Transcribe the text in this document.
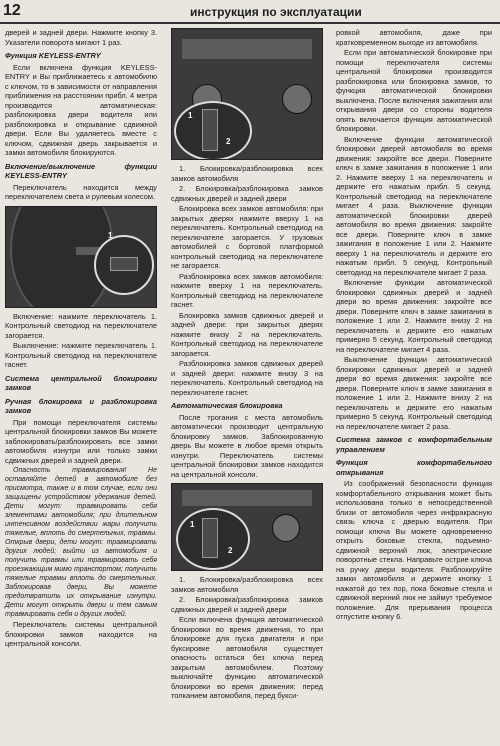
12	инструкция по эксплуатации

дверей и задней двери. Нажмите кнопку 3. Указатели поворота мигают 1 раз.

Функция KEYLESS-ENTRY

Если включена функция KEYLESS-ENTRY и Вы приближаетесь к автомобилю с ключом, то в зависимости от направления приближения на расстоянии прибл. 4 метра производится автоматическая: разблокировка двери водителя или разблокировка и открывание сдвижной двери. Если Вы удаляетесь вместе с ключом, сдвижная дверь закрывается и замки автомобиля блокируются.

Включение/выключение функции KEYLESS-ENTRY

Переключатель находится между переключателем света и рулевым колесом.

1

Включение: нажмите переключатель 1. Контрольный светодиод на переключателе загорается.

Выключение: нажмите переключатель 1. Контрольный светодиод на переключателе гаснет.

Система центральной блокировки замков

Ручная блокировка и разблокировка замков

При помощи переключателя системы центральной блокировки замков Вы можете заблокировать/разблокировать все замки автомобиля изнутри или только замки сдвижных дверей и задней двери.

Опасность травмирования! Не оставляйте детей в автомобиле без присмотра, также и в том случае, если они защищены устройством удержания детей. Дети могут: травмировать себя элементами автомобиля; при длительном интенсивном воздействии жары получить тяжелые, вплоть до смертельных, травмы. Открыв двери, дети могут: травмировать других людей; выйти из автомобиля и получить травмы или травмировать себя проезжающим мимо транспортом; получить тяжелые травмы вплоть до смертельных. Заблокировав двери, Вы можете предотвратить их открывание изнутри. Дети могут открыть двери и тем самым травмировать себя и других людей.

Переключатель системы центральной блокировки замков находится на центральной консоли.

1
2

1. Блокировка/разблокировка всех замков автомобиля

2. Блокировка/разблокировка замков сдвижных дверей и задней двери

Блокировка всех замков автомобиля: при закрытых дверях нажмите вверху 1 на переключатель. Контрольный светодиод на переключателе загорается. У грузовых автомобилей с бортовой платформой контрольный светодиод на переключателе не загорается.

Разблокировка всех замков автомобиля: нажмите вверху 1 на переключатель. Контрольный светодиод на переключателе гаснет.

Блокировка замков сдвижных дверей и задней двери: при закрытых дверях нажмите внизу 2 на переключатель. Контрольный светодиод на переключателе загорается.

Разблокировка замков сдвижных дверей и задней двери: нажмите внизу 3 на переключатель. Контрольный светодиод на переключателе гаснет.

Автоматическая блокировка

После трогания с места автомобиль автоматически производит центральную блокировку замков. Заблокированную дверь Вы можете в любое время открыть изнутри. Переключатель системы центральной блокировки замков находится на центральной консоли.

1
2

1. Блокировка/разблокировка всех замков автомобиля

2. Блокировка/разблокировка замков сдвижных дверей и задней двери

Если включена функция автоматической блокировки во время движения, то при блокировке для пуска двигателя и при буксировке автомобиля существует опасность остаться без ключа перед закрытым автомобилем. Поэтому выключайте функцию автоматической блокировки во время движения: перед толканием автомобиля, перед букси-

ровкой автомобиля, даже при кратковременном выходе из автомобиля.

Если при автоматической блокировке при помощи переключателя системы центральной блокировки производится разблокировка или блокировка замков, то функция автоматической блокировки выключена. После включения зажигания или открывания двери со стороны водителя опять включается функция автоматической блокировки.

Включение функции автоматической блокировки дверей автомобиля во время движения: закройте все двери. Поверните ключ в замке зажигания в положение 1 или 2. Нажмите вверху 1 на переключатель и держите его нажатым прибл. 5 секунд. Контрольный светодиод на переключателе мигает 4 раза. Выключение функции автоматической блокировки дверей автомобиля во время движения: закройте все двери. Поверните ключ в замке зажигания в положение 1 или 2. Нажмите вверху 1 на переключатель и держите его нажатым прибл. 5 секунд. Контрольный светодиод на переключателе мигает 2 раза.

Включение функции автоматической блокировки сдвижных дверей и задней двери во время движения: закройте все двери. Поверните ключ в замке зажигания в положение 1 или 2. Нажмите внизу 2 на переключатель и держите его нажатым примерно 5 секунд. Контрольный светодиод на переключателе мигает 4 раза.

Выключение функции автоматической блокировки сдвижных дверей и задней двери во время движения: закройте все двери. Поверните ключ в замке зажигания в положение 1 или 2. Нажмите внизу 2 на переключатель и держите его нажатым примерно 5 секунд. Контрольный светодиод на переключателе мигает 2 раза.

Система замков с комфортабельным управлением

Функция комфортабельного открывания

Из соображений безопасности функция комфортабельного открывания может быть использована только в непосредственной близи от автомобиля через инфракрасную связь ключа с дверью водителя. При помощи ключа Вы можете одновременно открыть боковые стекла, подъемно-сдвижной верхний люк, электрические поворотные стекла. Направьте острие ключа на ручку двери водителя. Разблокируйте замки автомобиля и держите кнопку 1 нажатой до тех пор, пока боковые стекла и сдвижной верхний люк не займут требуемое положение. Для прерывания процесса отпустите кнопку 6.
